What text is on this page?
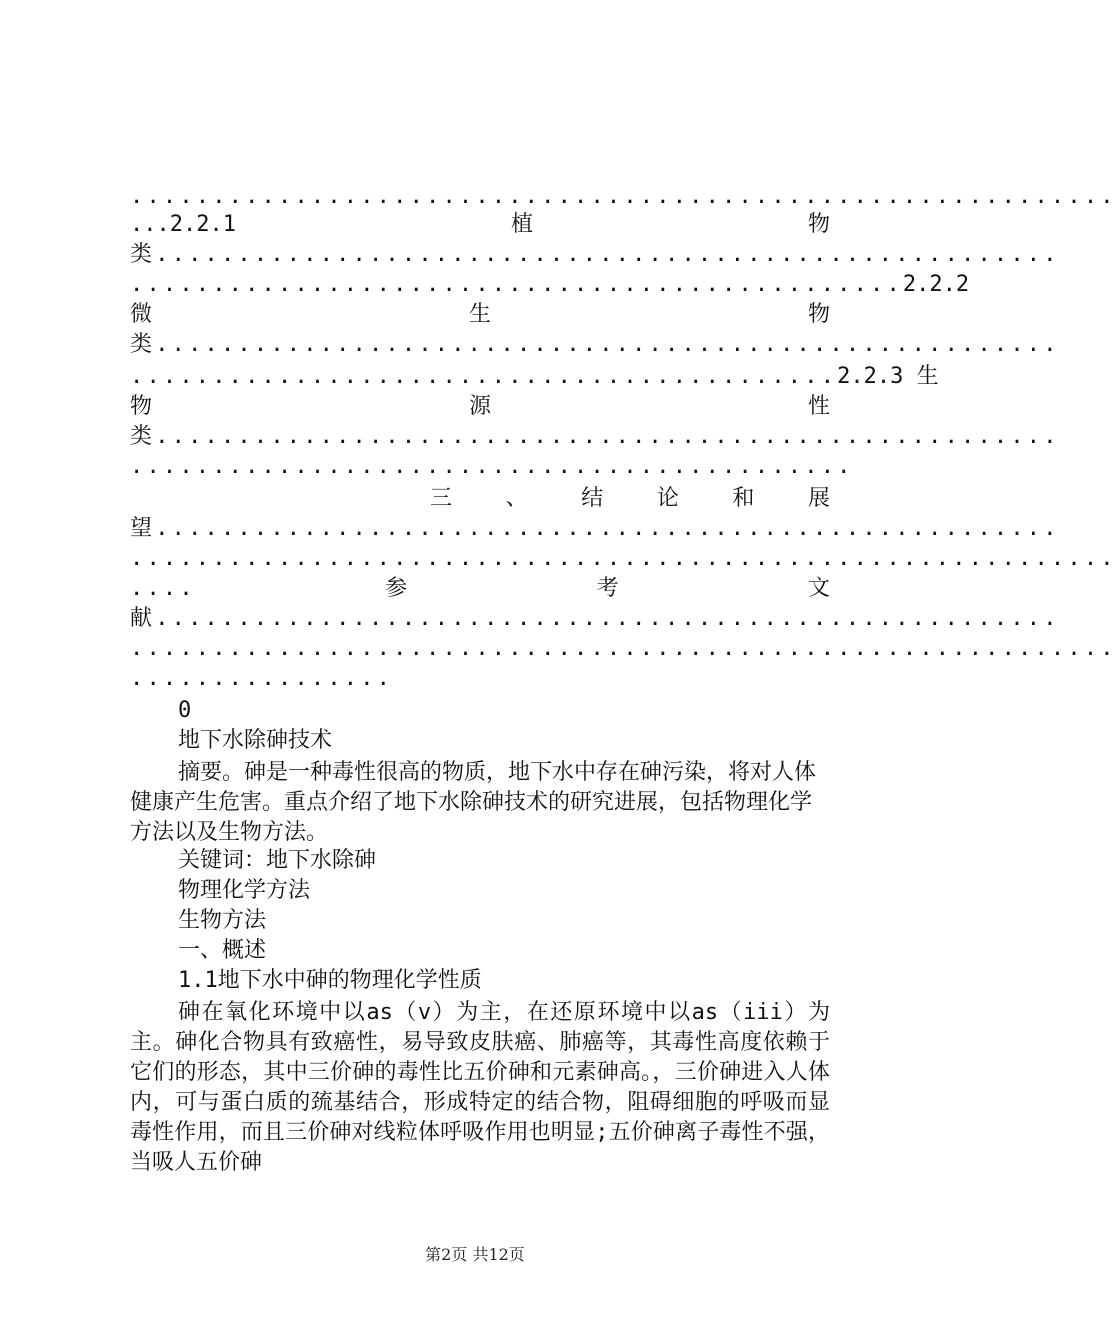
............................................................
...2.2.1	植	物
类.......................................................
............................................... 2.2.2
微	生	物
类.......................................................
........................................... 2.2.3 生
物	源	性
类.......................................................
............................................
三 、 结 论 和 展
望.......................................................
............................................................
....	参	考	文
献.......................................................
............................................................
................
0
地下水除砷技术
摘要。砷是一种毒性很高的物质，地下水中存在砷污染，将对人体健康产生危害。重点介绍了地下水除砷技术的研究进展，包括物理化学方法以及生物方法。
关键词：地下水除砷
物理化学方法
生物方法
一、概述
1.1地下水中砷的物理化学性质
砷在氧化环境中以as（v）为主，在还原环境中以as（iii）为主。砷化合物具有致癌性，易导致皮肤癌、肺癌等，其毒性高度依赖于它们的形态，其中三价砷的毒性比五价砷和元素砷高。，三价砷进入人体内，可与蛋白质的巯基结合，形成特定的结合物，阻碍细胞的呼吸而显毒性作用，而且三价砷对线粒体呼吸作用也明显;五价砷离子毒性不强，当吸人五价砷
第2页 共12页
